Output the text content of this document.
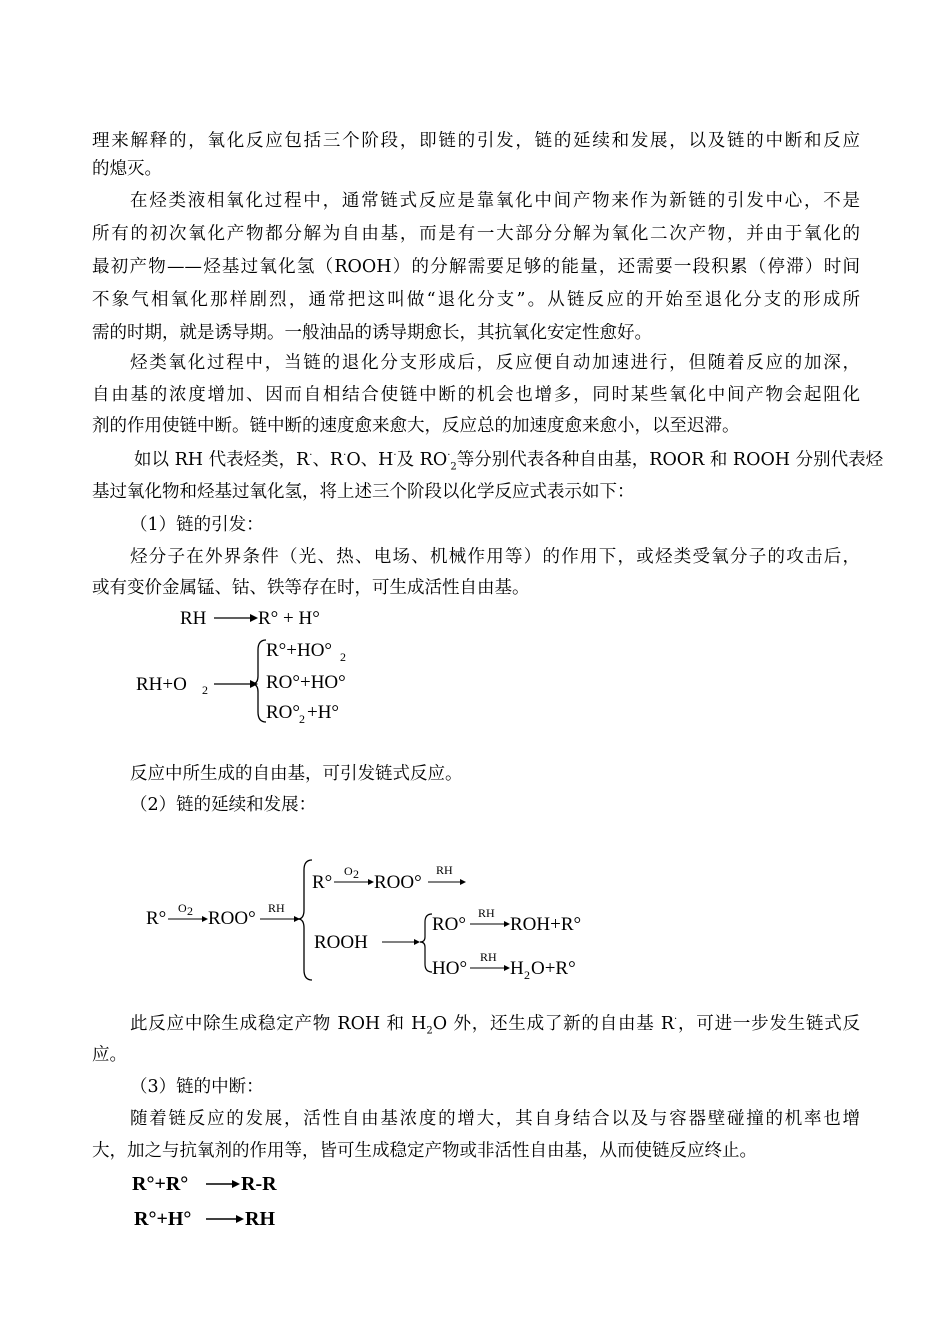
理来解释的，氧化反应包括三个阶段，即链的引发，链的延续和发展，以及链的中断和反应
的熄灭。
在烃类液相氧化过程中，通常链式反应是靠氧化中间产物来作为新链的引发中心，不是
所有的初次氧化产物都分解为自由基，而是有一大部分分解为氧化二次产物，并由于氧化的
最初产物——烃基过氧化氢（ROOH）的分解需要足够的能量，还需要一段积累（停滞）时间
不象气相氧化那样剧烈，通常把这叫做“退化分支”。从链反应的开始至退化分支的形成所
需的时期，就是诱导期。一般油品的诱导期愈长，其抗氧化安定性愈好。
烃类氧化过程中，当链的退化分支形成后，反应便自动加速进行，但随着反应的加深，
自由基的浓度增加、因而自相结合使链中断的机会也增多，同时某些氧化中间产物会起阻化
剂的作用使链中断。链中断的速度愈来愈大，反应总的加速度愈来愈小，以至迟滞。
如以 RH 代表烃类，R·、R·O、H·及 $RO^\cdot_2$等分别代表各种自由基，ROOR 和 ROOH 分别代表烃
基过氧化物和烃基过氧化氢，将上述三个阶段以化学反应式表示如下：
（1）链的引发：
烃分子在外界条件（光、热、电场、机械作用等）的作用下，或烃类受氧分子的攻击后，
或有变价金属锰、钴、铁等存在时，可生成活性自由基。
RH	R° + H°
RH+O 2
R°+HO° 2
RO°+HO°
RO° 2 +H°
反应中所生成的自由基，可引发链式反应。
（2）链的延续和发展：
R° O 2 ROO° RH
R°
O 2 ROO°
RH
ROOH
RO°
RH
ROH+R°
HO°
RH
H 2 O+R°
此反应中除生成稳定产物 ROH 和 $H_2O$ 外，还生成了新的自由基 R·，可进一步发生链式反
应。
（3）链的中断：
随着链反应的发展，活性自由基浓度的增大，其自身结合以及与容器壁碰撞的机率也增
大，加之与抗氧剂的作用等，皆可生成稳定产物或非活性自由基，从而使链反应终止。
R°+R°	R-R
R°+H°	RH
